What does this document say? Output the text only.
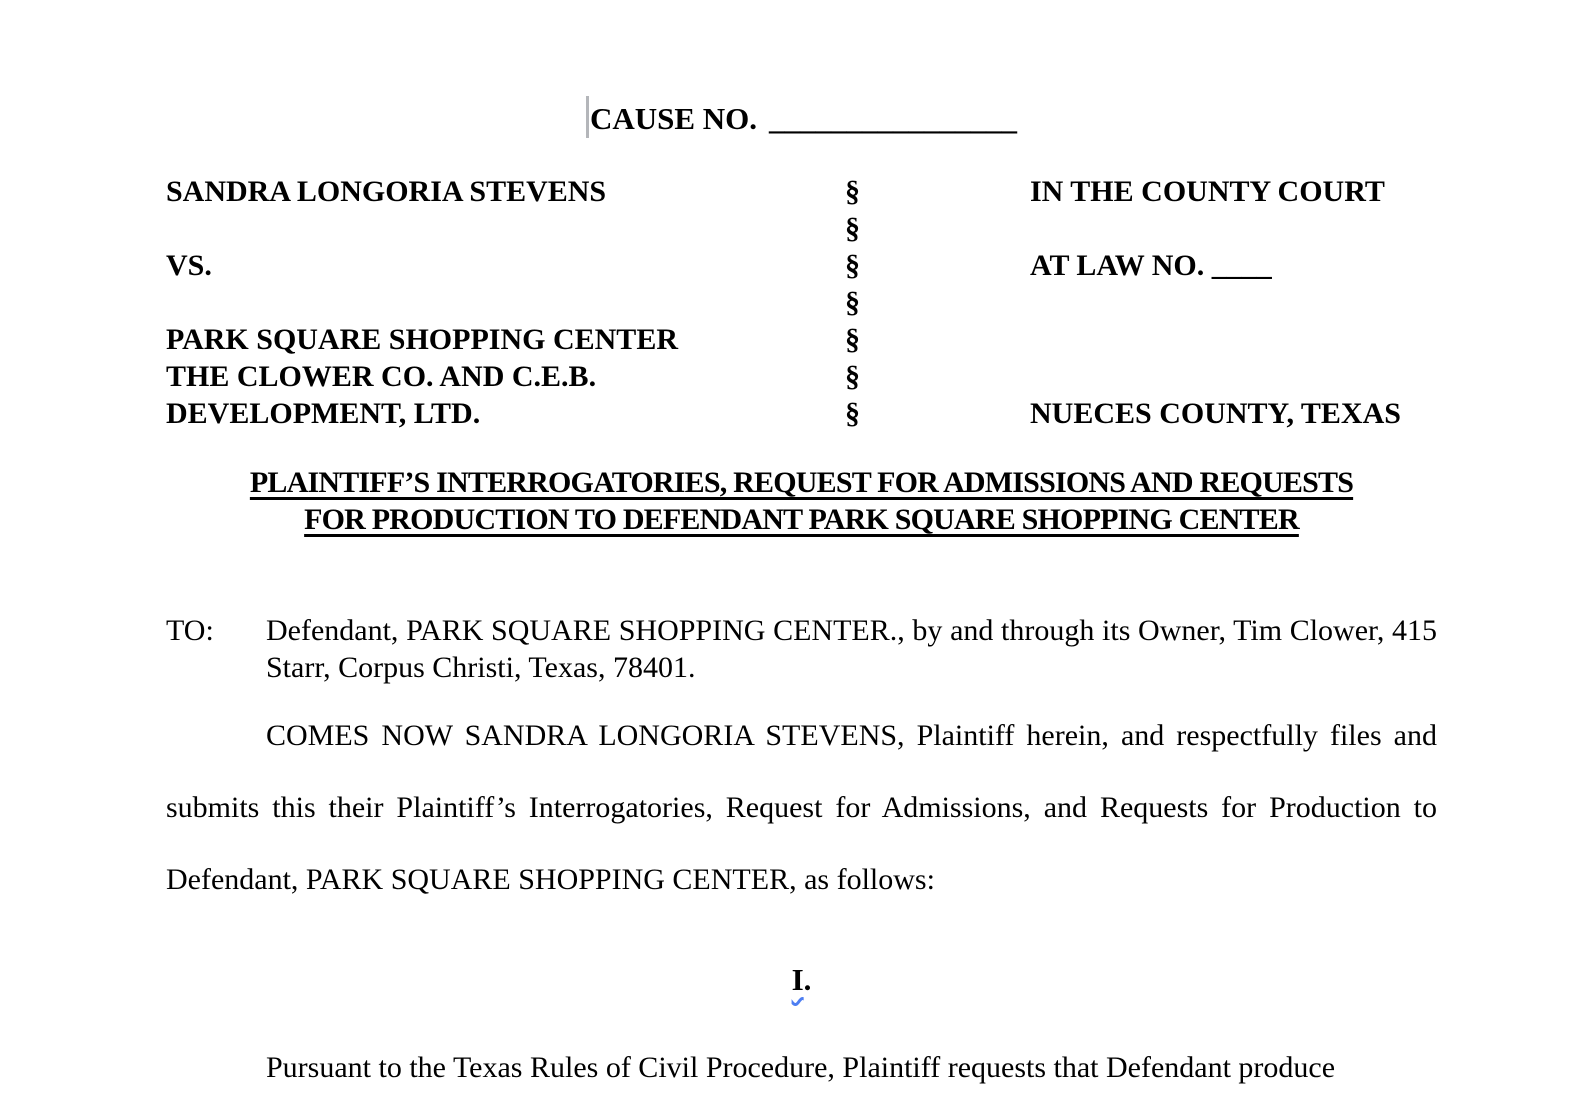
CAUSE NO. ________________
SANDRA LONGORIA STEVENS	§	IN THE COUNTY COURT
§
VS.	§	AT LAW NO. ____
§
PARK SQUARE SHOPPING CENTER	§
THE CLOWER CO. AND C.E.B.	§
DEVELOPMENT, LTD.	§	NUECES COUNTY, TEXAS
PLAINTIFF’S INTERROGATORIES, REQUEST FOR ADMISSIONS AND REQUESTS
FOR PRODUCTION TO DEFENDANT PARK SQUARE SHOPPING CENTER
TO: Defendant, PARK SQUARE SHOPPING CENTER., by and through its Owner, Tim Clower, 415 Starr, Corpus Christi, Texas, 78401.
COMES NOW SANDRA LONGORIA STEVENS, Plaintiff herein, and respectfully files and submits this their Plaintiff’s Interrogatories, Request for Admissions, and Requests for Production to Defendant, PARK SQUARE SHOPPING CENTER, as follows:
I.
Pursuant to the Texas Rules of Civil Procedure, Plaintiff requests that Defendant produce
